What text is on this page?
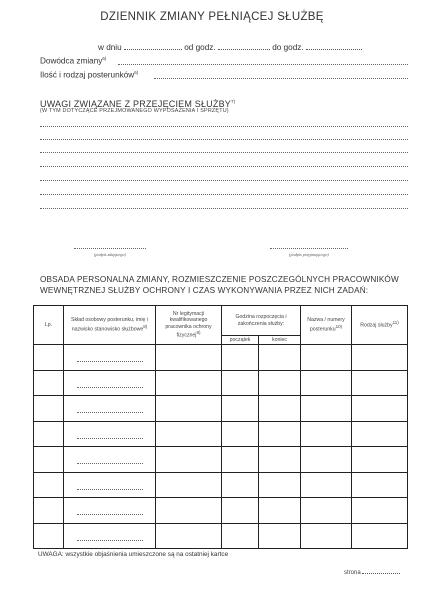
DZIENNIK ZMIANY PEŁNIĄCEJ SŁUŻBĘ
w dniu	od godz.	do godz.
Dowódca zmiany$^{6)}$
Ilość i rodzaj posterunków$^{6)}$
UWAGI ZWIĄZANE Z PRZEJĘCIEM SŁUŻBY$^{7)}$
(W TYM DOTYCZĄCE PRZEJMOWANEGO WYPOSAŻENIA I SPRZĘTU)
(podpis zdającego)	(podpis przyjmującego)
OBSADA PERSONALNA ZMIANY, ROZMIESZCZENIE POSZCZEGÓLNYCH PRACOWNIKÓW
WEWNĘTRZNEJ SŁUŻBY OCHRONY I CZAS WYKONYWANIA PRZEZ NICH ZADAŃ:
Lp.	Skład osobowy posterunku, imię i nazwisko stanowisko służbowe8)	Nr legitymacji kwalifikowanego pracownika ochrony fizycznej8)	Godzina rozpoczęcia i zakończenia służby:		Nazwa / numery posterunku10)	Rodzaj służby11)
			początek	koniec		

UWAGA: wszystkie objaśnienia umieszczone są na ostatniej kartce
strona
